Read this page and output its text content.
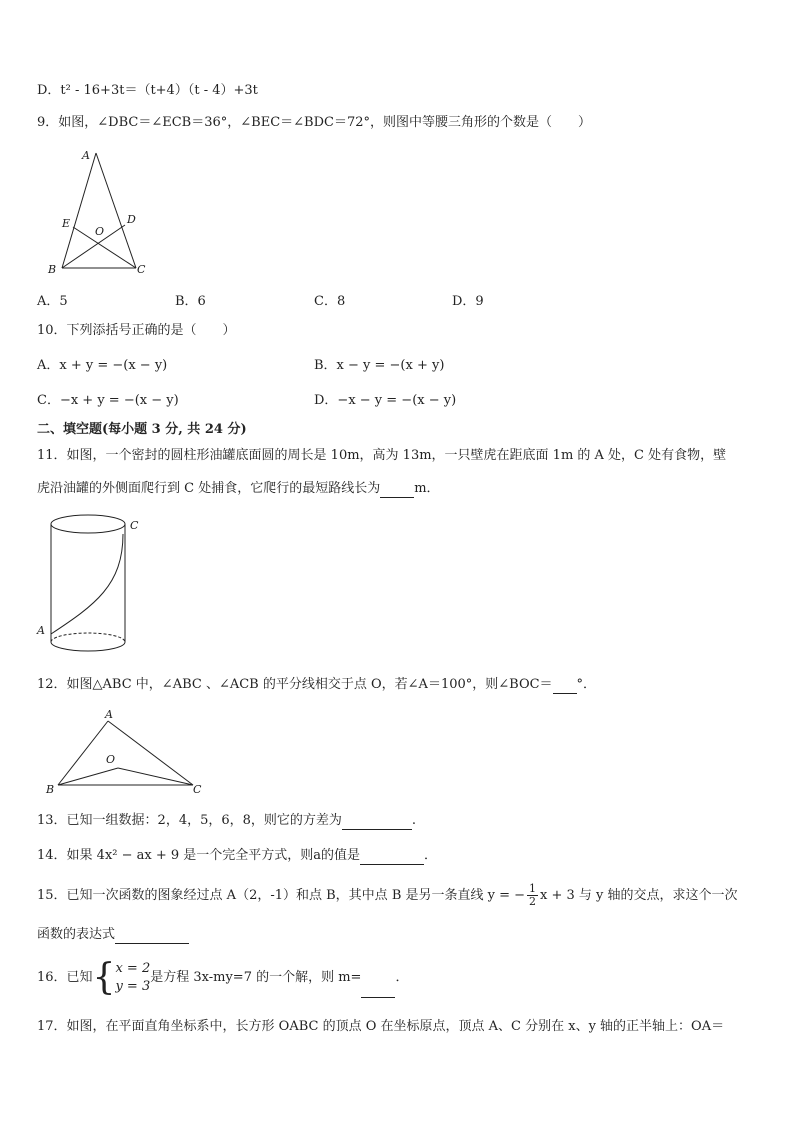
D．t² - 16+3t＝（t+4）（t - 4）+3t
9．如图，∠DBC＝∠ECB＝36°，∠BEC＝∠BDC＝72°，则图中等腰三角形的个数是（　　）
A
E	D
O
B	C
A．5	B．6	C．8	D．9
10．下列添括号正确的是（　　）
A．x + y = −(x − y)	B．x − y = −(x + y)
C．−x + y = −(x − y)	D．−x − y = −(x − y)
二、填空题(每小题 3 分, 共 24 分)
11．如图，一个密封的圆柱形油罐底面圆的周长是 10m，高为 13m，一只壁虎在距底面 1m 的 A 处，C 处有食物，壁
虎沿油罐的外侧面爬行到 C 处捕食，它爬行的最短路线长为	m．
C
A
12．如图△ABC 中，∠ABC 、∠ACB 的平分线相交于点 O，若∠A＝100°，则∠BOC＝ °．
A
O
B	C
13．已知一组数据：2，4，5，6，8，则它的方差为	.
14．如果 4x² − ax + 9 是一个完全平方式，则a的值是	．
15．已知一次函数的图象经过点 A（2，-1）和点 B，其中点 B 是另一条直线 y = − $\frac{1}{2}$ x + 3 与 y 轴的交点，求这个一次
函数的表达式
16．已知{ x = 2
y = 3
是方程 3x-my=7 的一个解，则 m=	．
17．如图，在平面直角坐标系中，长方形 OABC 的顶点 O 在坐标原点，顶点 A、C 分别在 x、y 轴的正半轴上：OA＝
